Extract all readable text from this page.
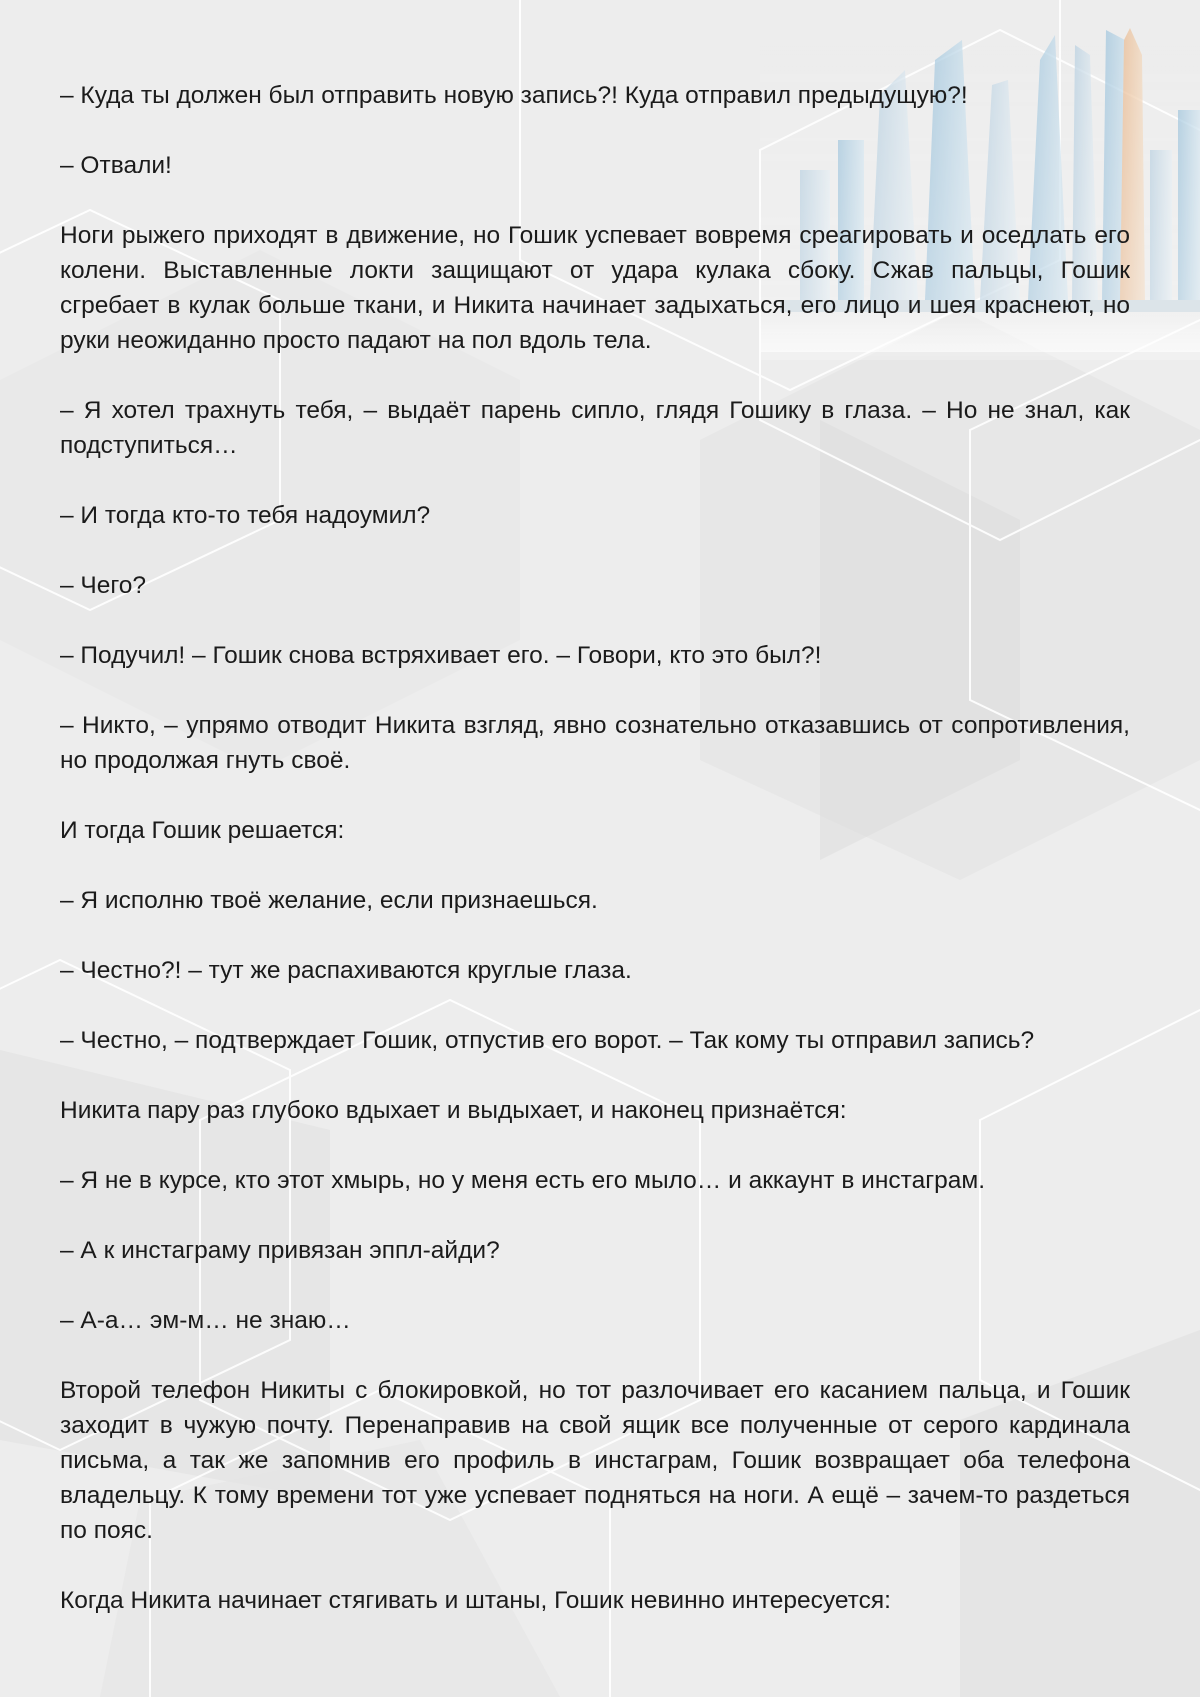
– Куда ты должен был отправить новую запись?! Куда отправил предыдущую?!

– Отвали!

Ноги рыжего приходят в движение, но Гошик успевает вовремя среагировать и оседлать его колени. Выставленные локти защищают от удара кулака сбоку. Сжав пальцы, Гошик сгребает в кулак больше ткани, и Никита начинает задыхаться, его лицо и шея краснеют, но руки неожиданно просто падают на пол вдоль тела.

– Я хотел трахнуть тебя, – выдаёт парень сипло, глядя Гошику в глаза. – Но не знал, как подступиться…

– И тогда кто-то тебя надоумил?

– Чего?

– Подучил! – Гошик снова встряхивает его. – Говори, кто это был?!

– Никто, – упрямо отводит Никита взгляд, явно сознательно отказавшись от сопротивления, но продолжая гнуть своё.

И тогда Гошик решается:

– Я исполню твоё желание, если признаешься.

– Честно?! – тут же распахиваются круглые глаза.

– Честно, – подтверждает Гошик, отпустив его ворот. – Так кому ты отправил запись?

Никита пару раз глубоко вдыхает и выдыхает, и наконец признаётся:

– Я не в курсе, кто этот хмырь, но у меня есть его мыло… и аккаунт в инстаграм.

– А к инстаграму привязан эппл-айди?

– А-а… эм-м… не знаю…

Второй телефон Никиты с блокировкой, но тот разлочивает его касанием пальца, и Гошик заходит в чужую почту. Перенаправив на свой ящик все полученные от серого кардинала письма, а так же запомнив его профиль в инстаграм, Гошик возвращает оба телефона владельцу. К тому времени тот уже успевает подняться на ноги. А ещё – зачем-то раздеться по пояс.

Когда Никита начинает стягивать и штаны, Гошик невинно интересуется:
